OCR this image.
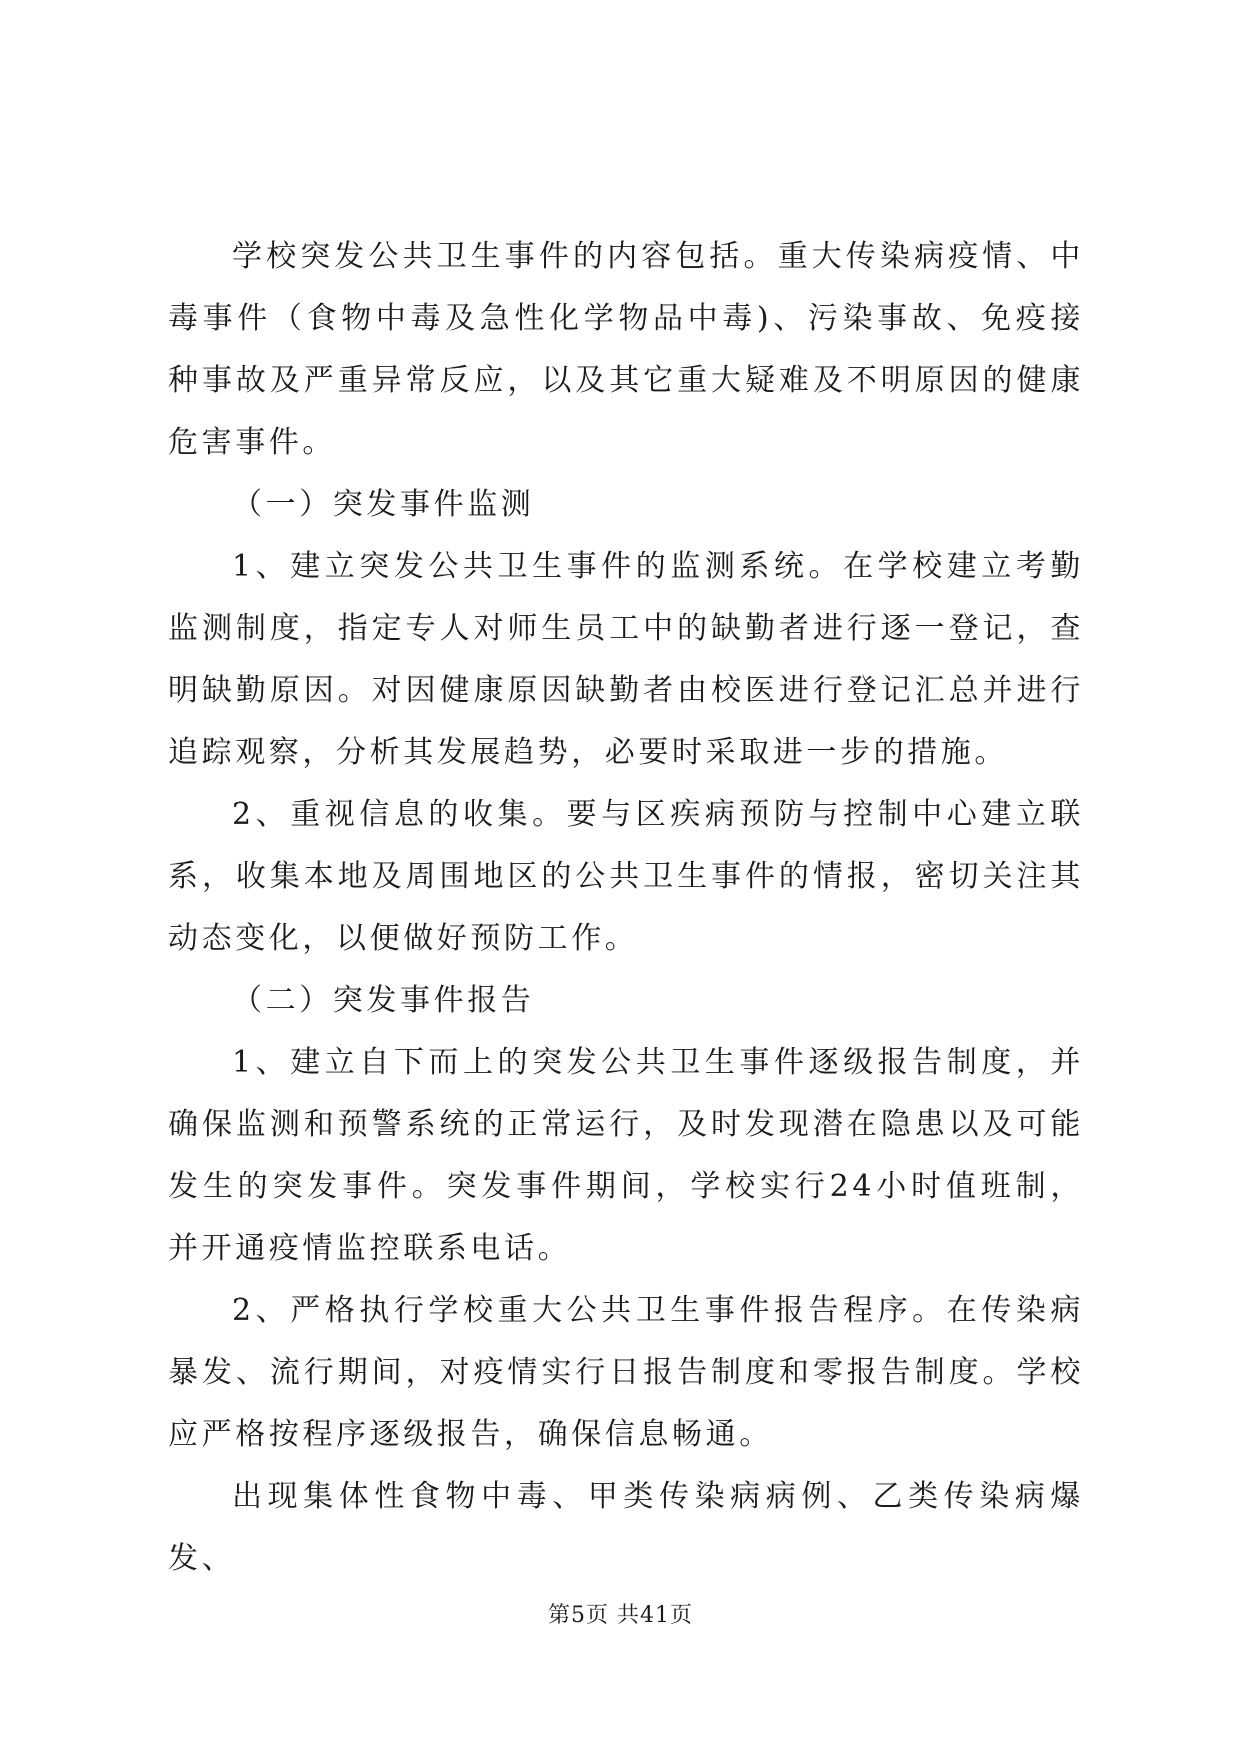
学校突发公共卫生事件的内容包括。重大传染病疫情、中毒事件（食物中毒及急性化学物品中毒)、污染事故、免疫接种事故及严重异常反应，以及其它重大疑难及不明原因的健康危害事件。

（一）突发事件监测

1、建立突发公共卫生事件的监测系统。在学校建立考勤监测制度，指定专人对师生员工中的缺勤者进行逐一登记，查明缺勤原因。对因健康原因缺勤者由校医进行登记汇总并进行追踪观察，分析其发展趋势，必要时采取进一步的措施。

2、重视信息的收集。要与区疾病预防与控制中心建立联系，收集本地及周围地区的公共卫生事件的情报，密切关注其动态变化，以便做好预防工作。

（二）突发事件报告

1、建立自下而上的突发公共卫生事件逐级报告制度，并确保监测和预警系统的正常运行，及时发现潜在隐患以及可能发生的突发事件。突发事件期间，学校实行24小时值班制，并开通疫情监控联系电话。

2、严格执行学校重大公共卫生事件报告程序。在传染病暴发、流行期间，对疫情实行日报告制度和零报告制度。学校应严格按程序逐级报告，确保信息畅通。

出现集体性食物中毒、甲类传染病病例、乙类传染病爆发、

第5页 共41页
